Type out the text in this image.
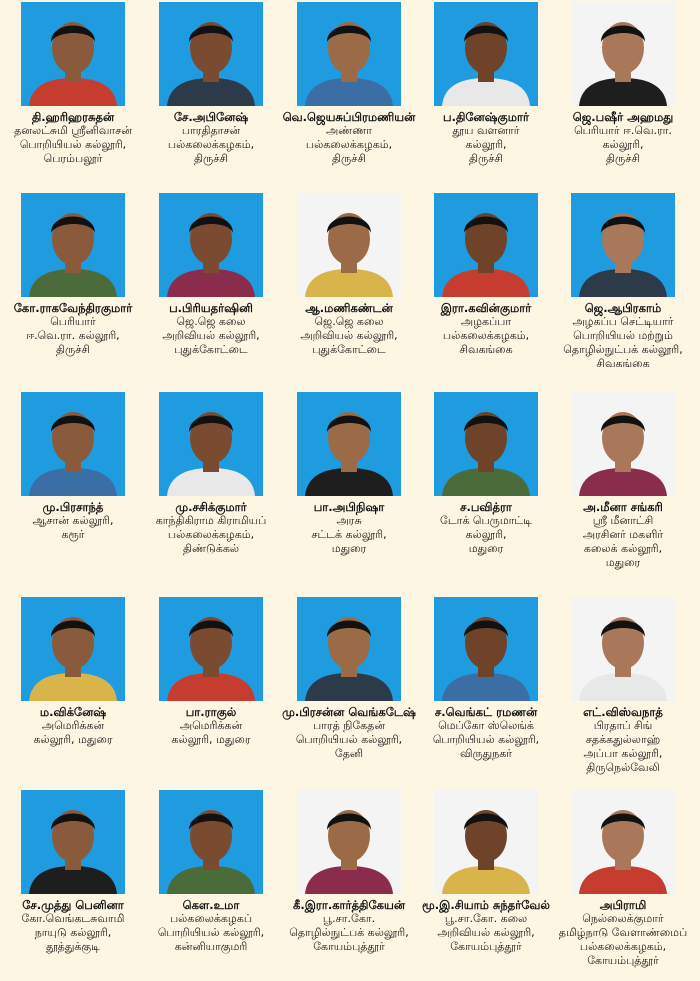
தி.ஹரிஹரசுதன்
தனலட்சுமி ஸ்ரீனிவாசன்
பொறியியல் கல்லூரி,
பெரம்பலூர்
சே.அபினேஷ்
பாரதிதாசன்
பல்கலைக்கழகம்,
திருச்சி
வெ.ஜெயசுப்பிரமணியன்
அண்ணா
பல்கலைக்கழகம்,
திருச்சி
ப.தினேஷ்குமார்
தூய வளனார்
கல்லூரி,
திருச்சி
ஜெ.பஷீர் அஹமது
பெரியார் ஈ.வெ.ரா.
கல்லூரி,
திருச்சி
கோ.ராகவேந்திரகுமார்
பெரியார்
ஈ.வெ.ரா. கல்லூரி,
திருச்சி
ப.பிரியதர்ஷினி
ஜெ.ஜெ கலை
அறிவியல் கல்லூரி,
புதுக்கோட்டை
ஆ.மணிகண்டன்
ஜெ.ஜெ கலை
அறிவியல் கல்லூரி,
புதுக்கோட்டை
இரா.கவின்குமார்
அழகப்பா
பல்கலைக்கழகம்,
சிவகங்கை
ஜெ.ஆபிரகாம்
அழகப்ப செட்டியார்
பொறியியல் மற்றும்
தொழில்நுட்பக் கல்லூரி,
சிவகங்கை
மு.பிரசாந்த்
ஆசான் கல்லூரி,
கரூர்
மு.சசிக்குமார்
காந்திகிராம கிராமியப்
பல்கலைக்கழகம்,
திண்டுக்கல்
பா.அபிநிஷா
அரசு
சட்டக் கல்லூரி,
மதுரை
ச.பவித்ரா
டோக் பெருமாட்டி
கல்லூரி,
மதுரை
அ.மீனா சங்கரி
ஸ்ரீ மீனாட்சி
அரசினர் மகளிர்
கலைக் கல்லூரி,
மதுரை
ம.விக்னேஷ்
அமெரிக்கன்
கல்லூரி, மதுரை
பா.ராகுல்
அமெரிக்கன்
கல்லூரி, மதுரை
மு.பிரசன்ன வெங்கடேஷ்
பாரத் நிகேதன்
பொறியியல் கல்லூரி,
தேனி
ச.வெங்கட் ரமணன்
மெப்கோ ஸ்லெங்க்
பொறியியல் கல்லூரி,
விருதுநகர்
எட்.விஸ்வநாத்
பிரதாப் சிங்
சதக்கதுல்லாஹ்
அப்பா கல்லூரி,
திருநெல்வேலி
சே.முத்து பெனினா
கோ.வெங்கடசுவாமி
நாயுடு கல்லூரி,
தூத்துக்குடி
கெள.உமா
பல்கலைக்கழகப்
பொறியியல் கல்லூரி,
கன்னியாகுமரி
கீ.இரா.கார்த்திகேயன்
பூ.சா.கோ.
தொழில்நுட்பக் கல்லூரி,
கோயம்புத்தூர்
மூ.இ.சியாம் சுந்தர்வேல்
பூ.சா.கோ. கலை
அறிவியல் கல்லூரி,
கோயம்புத்தூர்
அபிராமி
நெல்லைக்குமார்
தமிழ்நாடு வேளாண்மைப்
பல்கலைக்கழகம்,
கோயம்புத்தூர்
